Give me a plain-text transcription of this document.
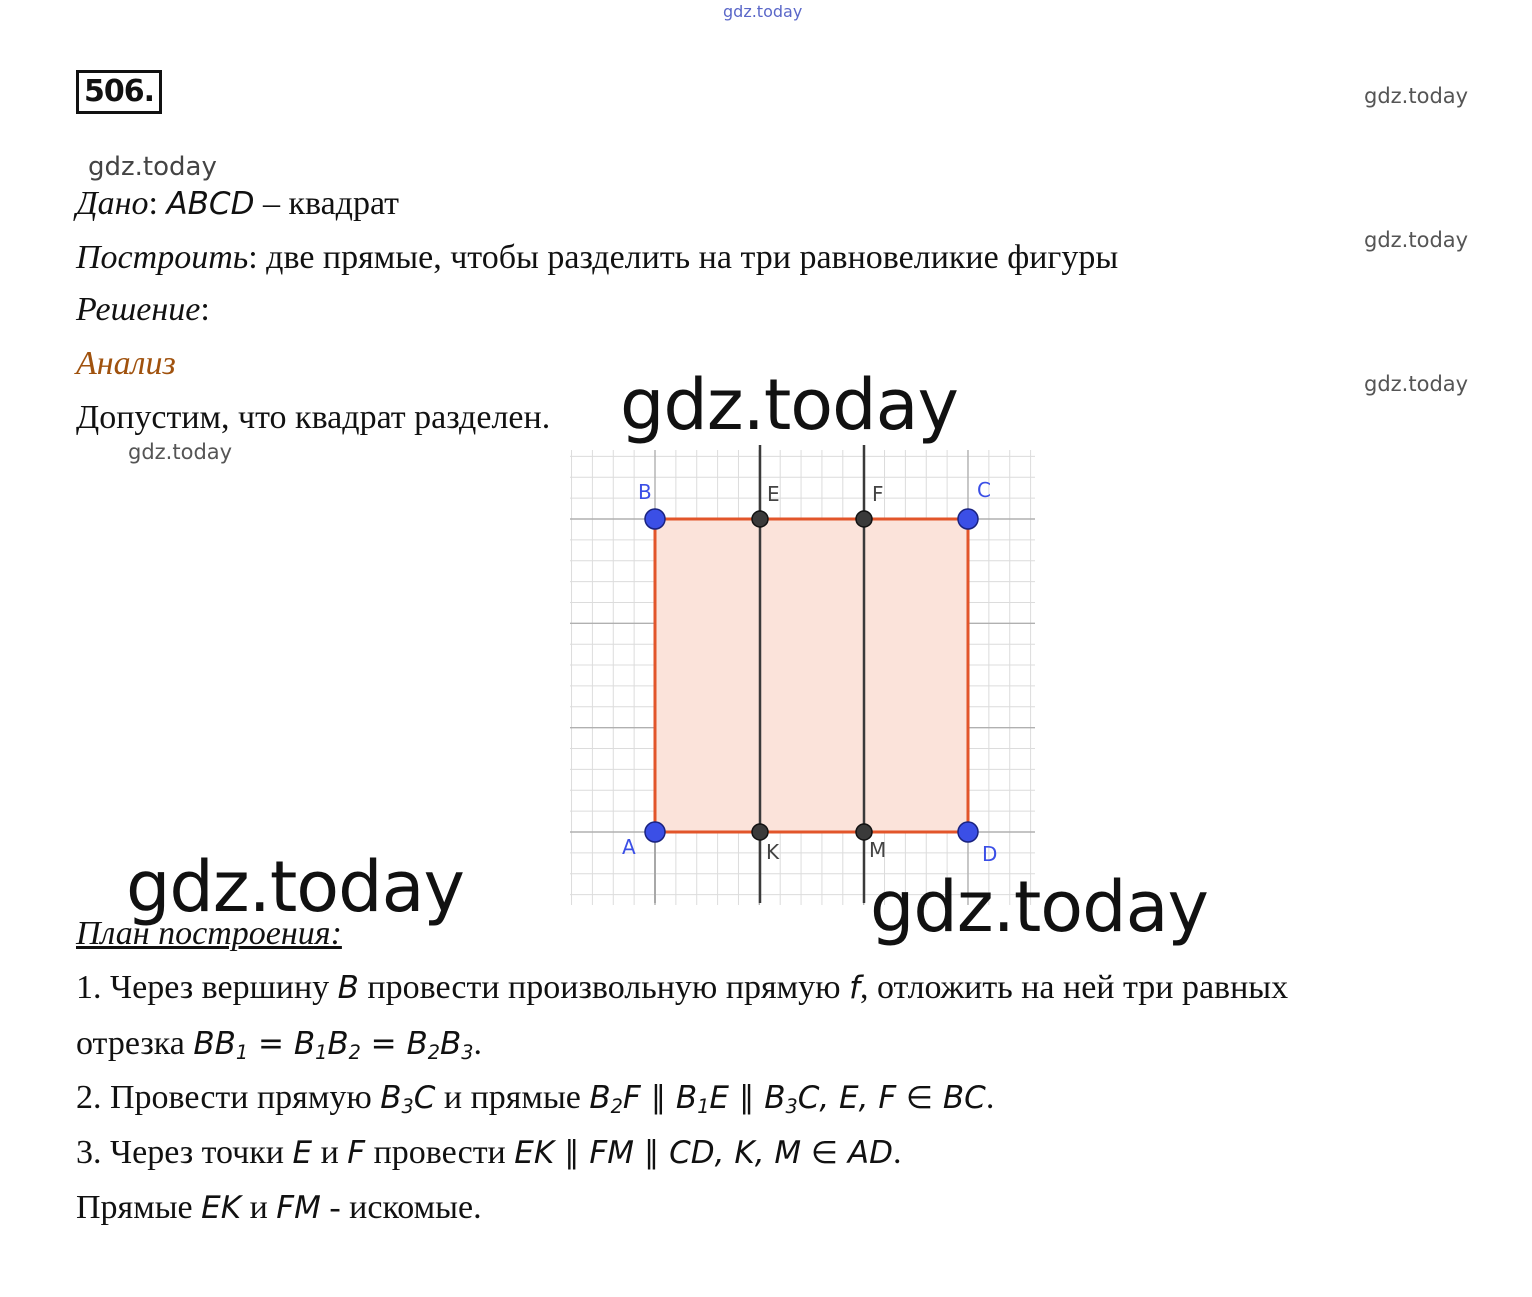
gdz.today
gdz.today
gdz.today
gdz.today
gdz.today
gdz.today
506.
Дано: ABCD – квадрат
Построить: две прямые, чтобы разделить на три равновеликие фигуры
Решение:
Анализ
Допустим, что квадрат разделен.
B	E	F	C
A	K	M	D
gdz.today
gdz.today	gdz.today
План построения:
1. Через вершину B провести произвольную прямую f, отложить на ней три равных
отрезка $BB_1 = B_1B_2 = B_2B_3$.
2. Провести прямую $B_3C$ и прямые $B_2F$ ∥ $B_1E$ ∥ $B_3C$, E, F ∈ BC.
3. Через точки E и F провести EK ∥ FM ∥ CD, K, M ∈ AD.
Прямые EK и FM - искомые.
